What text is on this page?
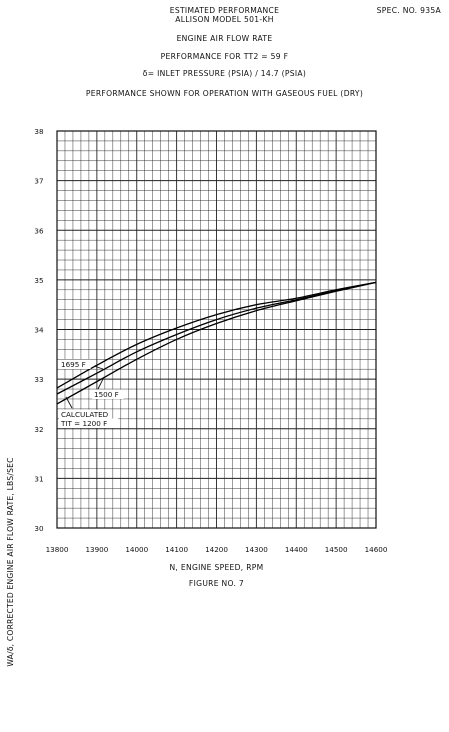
ESTIMATED PERFORMANCE
ALLISON MODEL 501-KH
SPEC. NO. 935A
ENGINE AIR FLOW RATE
PERFORMANCE FOR TT2 = 59 F
δ= INLET PRESSURE (PSIA) / 14.7 (PSIA)
PERFORMANCE SHOWN FOR OPERATION WITH GASEOUS FUEL (DRY)
13800 13900 14000 14100 14200 14300 14400 14500 14600
30
31
32
33
34
35
36
37
38
1695 F
1500 F
CALCULATED
TIT = 1200 F
WA/δ, CORRECTED ENGINE AIR FLOW RATE, LBS/SEC	N, ENGINE SPEED, RPM
FIGURE NO. 7
